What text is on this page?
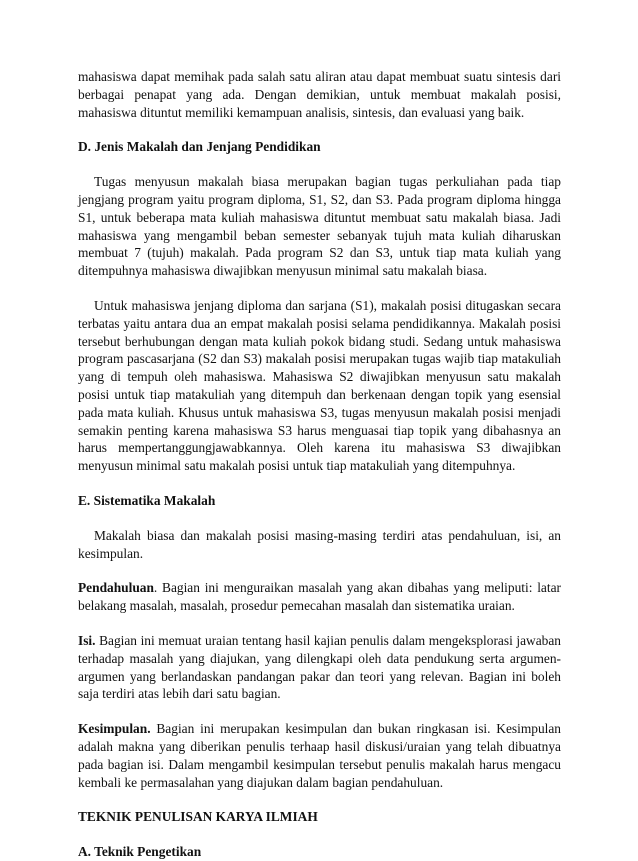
mahasiswa dapat memihak pada salah satu aliran atau dapat membuat suatu sintesis dari berbagai penapat yang ada. Dengan demikian, untuk membuat makalah posisi, mahasiswa dituntut memiliki kemampuan analisis, sintesis, dan evaluasi yang baik.

D. Jenis Makalah dan Jenjang Pendidikan

Tugas menyusun makalah biasa merupakan bagian tugas perkuliahan pada tiap jengjang program yaitu program diploma, S1, S2, dan S3. Pada program diploma hingga S1, untuk beberapa mata kuliah mahasiswa dituntut membuat satu makalah biasa. Jadi mahasiswa yang mengambil beban semester sebanyak tujuh mata kuliah diharuskan membuat 7 (tujuh) makalah. Pada program S2 dan S3, untuk tiap mata kuliah yang ditempuhnya mahasiswa diwajibkan menyusun minimal satu makalah biasa.

Untuk mahasiswa jenjang diploma dan sarjana (S1), makalah posisi ditugaskan secara terbatas yaitu antara dua an empat makalah posisi selama pendidikannya. Makalah posisi tersebut berhubungan dengan mata kuliah pokok bidang studi. Sedang untuk mahasiswa program pascasarjana (S2 dan S3) makalah posisi merupakan tugas wajib tiap matakuliah yang di tempuh oleh mahasiswa. Mahasiswa S2 diwajibkan menyusun satu makalah posisi untuk tiap matakuliah yang ditempuh dan berkenaan dengan topik yang esensial pada mata kuliah. Khusus untuk mahasiswa S3, tugas menyusun makalah posisi menjadi semakin penting karena mahasiswa S3 harus menguasai tiap topik yang dibahasnya an harus mempertanggungjawabkannya. Oleh karena itu mahasiswa S3 diwajibkan menyusun minimal satu makalah posisi untuk tiap matakuliah yang ditempuhnya.

E. Sistematika Makalah

Makalah biasa dan makalah posisi masing-masing terdiri atas pendahuluan, isi, an kesimpulan.

Pendahuluan. Bagian ini menguraikan masalah yang akan dibahas yang meliputi: latar belakang masalah, masalah, prosedur pemecahan masalah dan sistematika uraian.

Isi. Bagian ini memuat uraian tentang hasil kajian penulis dalam mengeksplorasi jawaban terhadap masalah yang diajukan, yang dilengkapi oleh data pendukung serta argumen-argumen yang berlandaskan pandangan pakar dan teori yang relevan. Bagian ini boleh saja terdiri atas lebih dari satu bagian.

Kesimpulan. Bagian ini merupakan kesimpulan dan bukan ringkasan isi. Kesimpulan adalah makna yang diberikan penulis terhaap hasil diskusi/uraian yang telah dibuatnya pada bagian isi. Dalam mengambil kesimpulan tersebut penulis makalah harus mengacu kembali ke permasalahan yang diajukan dalam bagian pendahuluan.

TEKNIK PENULISAN KARYA ILMIAH

A. Teknik Pengetikan
